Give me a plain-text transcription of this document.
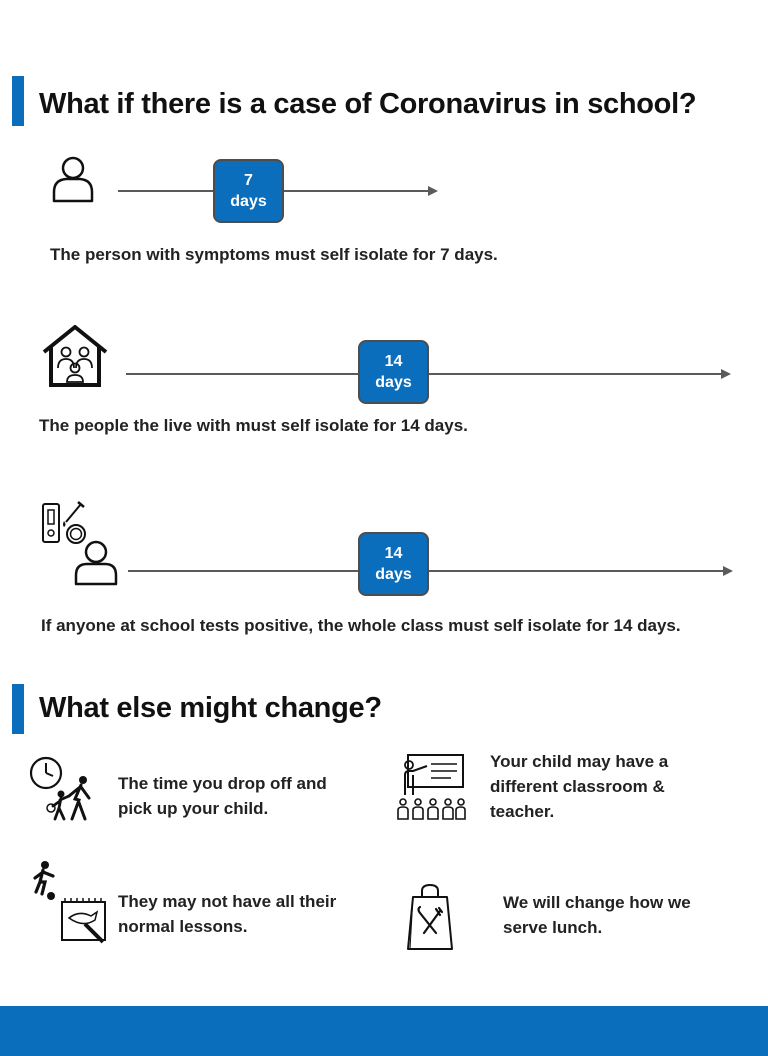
What if there is a case of Coronavirus in school?
7
days
The person with symptoms must self isolate for 7 days.
14
days
The people the live with must self isolate for 14 days.
14
days
If anyone at school tests positive, the whole class must self isolate for 14 days.
What else might change?
The time you drop off and pick up your child.
Your child may have a different classroom & teacher.
They may not have all their normal lessons.
We will change how we serve lunch.
